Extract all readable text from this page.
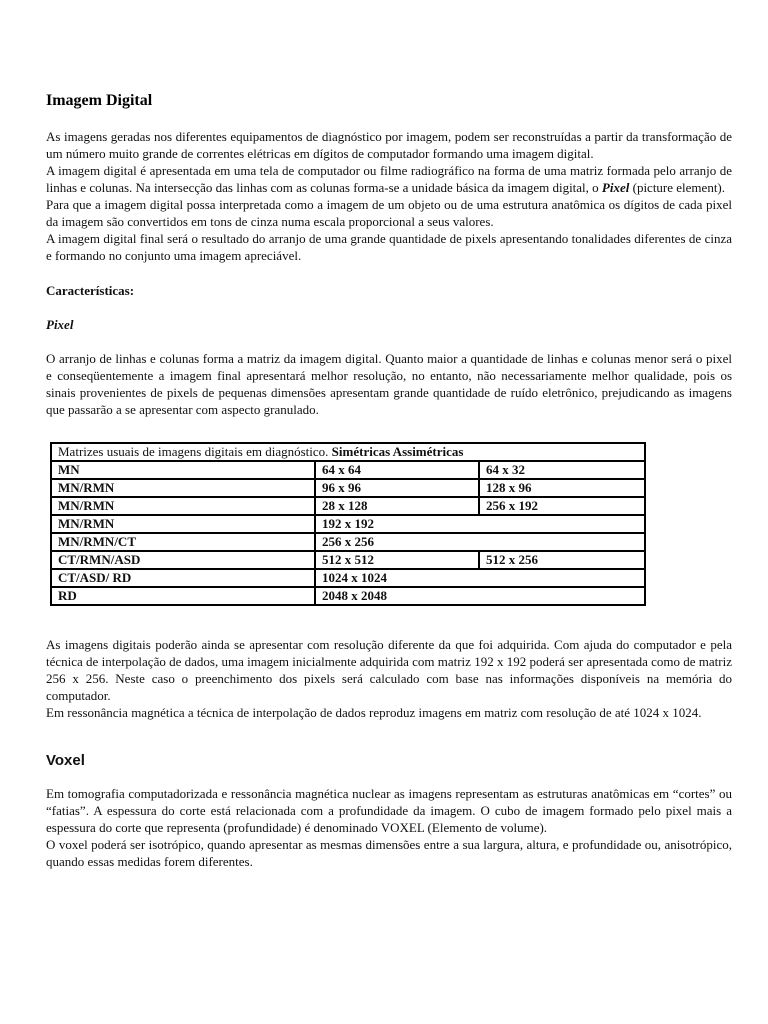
Imagem Digital

As imagens geradas nos diferentes equipamentos de diagnóstico por imagem, podem ser reconstruídas a partir da transformação de um número muito grande de correntes elétricas em dígitos de computador formando uma imagem digital.

A imagem digital é apresentada em uma tela de computador ou filme radiográfico na forma de uma matriz formada pelo arranjo de linhas e colunas. Na intersecção das linhas com as colunas forma-se a unidade básica da imagem digital, o Pixel (picture element).

Para que a imagem digital possa interpretada como a imagem de um objeto ou de uma estrutura anatômica os dígitos de cada pixel da imagem são convertidos em tons de cinza numa escala proporcional a seus valores.

A imagem digital final será o resultado do arranjo de uma grande quantidade de pixels apresentando tonalidades diferentes de cinza e formando no conjunto uma imagem apreciável.

Características:
Pixel

O arranjo de linhas e colunas forma a matriz da imagem digital. Quanto maior a quantidade de linhas e colunas menor será o pixel e conseqüentemente a imagem final apresentará melhor resolução, no entanto, não necessariamente melhor qualidade, pois os sinais provenientes de pixels de pequenas dimensões apresentam grande quantidade de ruído eletrônico, prejudicando as imagens que passarão a se apresentar com aspecto granulado.

Matrizes usuais de imagens digitais em diagnóstico. Simétricas Assimétricas		
MN	64 x 64	64 x 32
MN/RMN	96 x 96	128 x 96
MN/RMN	28 x 128	256 x 192
MN/RMN	192 x 192	
MN/RMN/CT	256 x 256	
CT/RMN/ASD	512 x 512	512 x 256
CT/ASD/ RD	1024 x 1024	
RD	2048 x 2048	

As imagens digitais poderão ainda se apresentar com resolução diferente da que foi adquirida. Com ajuda do computador e pela técnica de interpolação de dados, uma imagem inicialmente adquirida com matriz 192 x 192 poderá ser apresentada como de matriz 256 x 256. Neste caso o preenchimento dos pixels será calculado com base nas informações disponíveis na memória do computador.

Em ressonância magnética a técnica de interpolação de dados reproduz imagens em matriz com resolução de até 1024 x 1024.

Voxel

Em tomografia computadorizada e ressonância magnética nuclear as imagens representam as estruturas anatômicas em “cortes” ou “fatias”. A espessura do corte está relacionada com a profundidade da imagem. O cubo de imagem formado pelo pixel mais a espessura do corte que representa (profundidade) é denominado VOXEL (Elemento de volume).

O voxel poderá ser isotrópico, quando apresentar as mesmas dimensões entre a sua largura, altura, e profundidade ou, anisotrópico, quando essas medidas forem diferentes.
